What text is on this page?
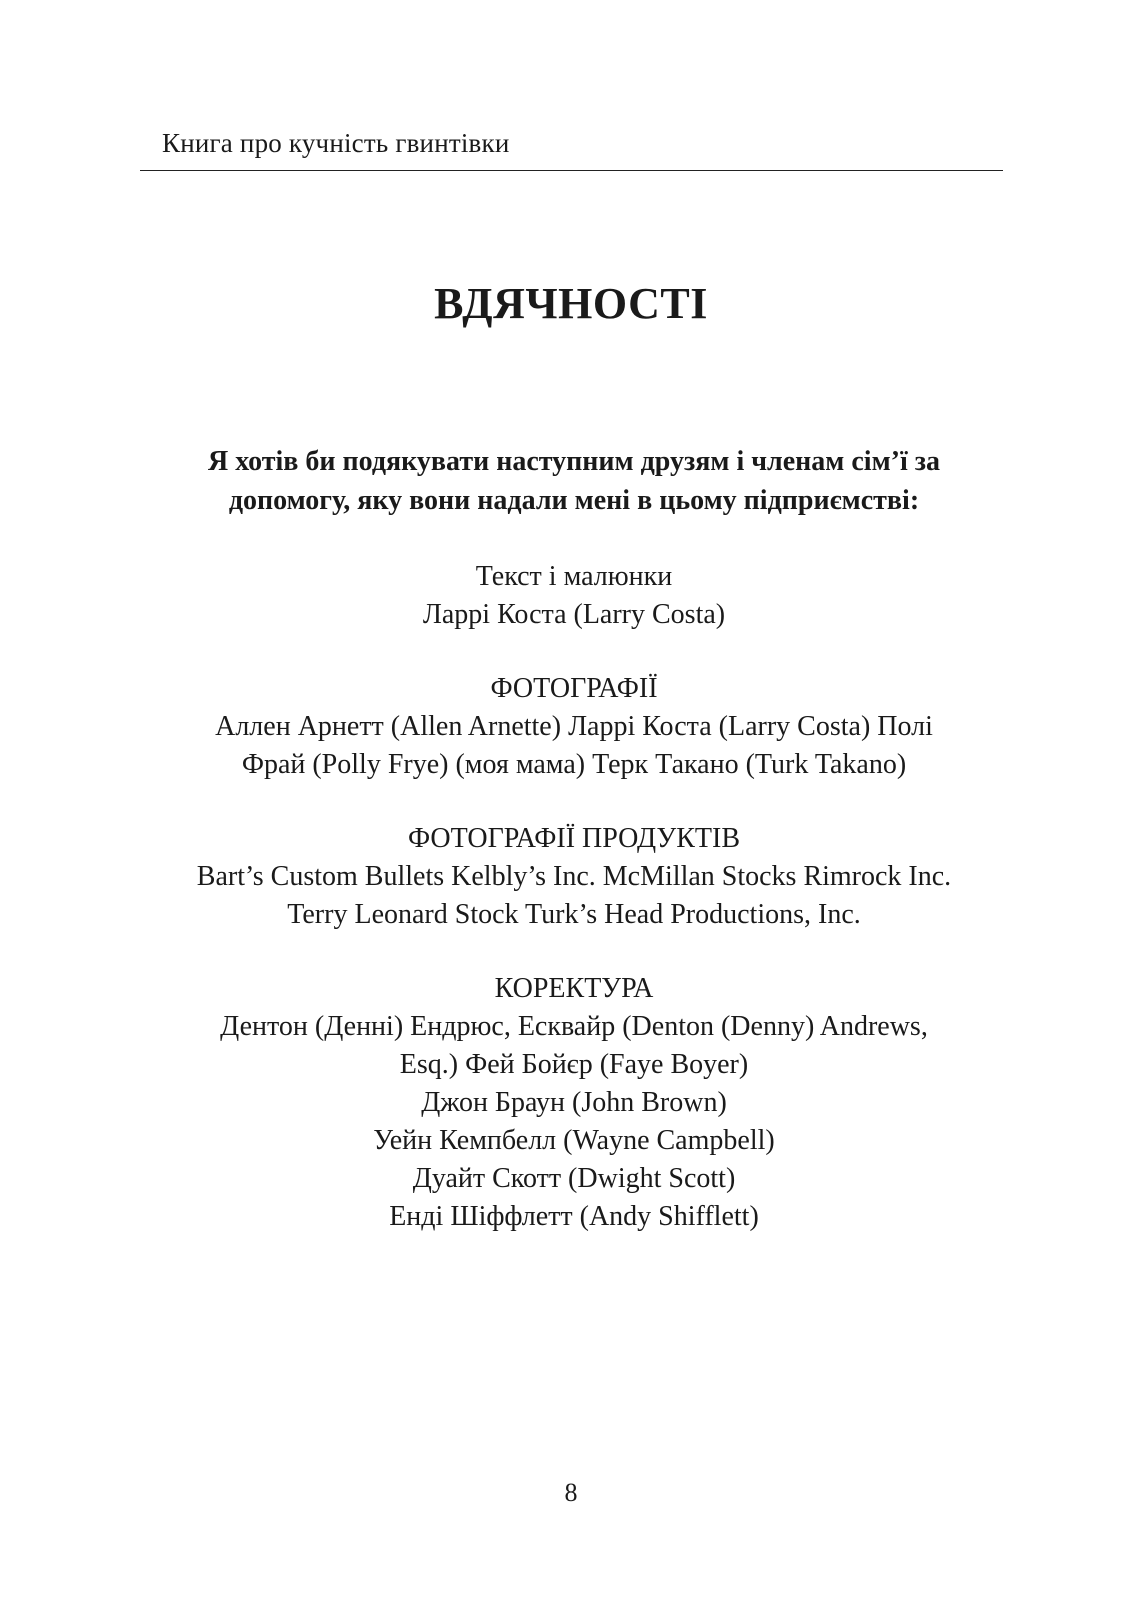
Книга про кучність гвинтівки
ВДЯЧНОСТІ

Я хотів би подякувати наступним друзям і членам сім’ї за
допомогу, яку вони надали мені в цьому підприємстві:

Текст і малюнки
Ларрі Коста (Larry Costa)
ФОТОГРАФІЇ
Аллен Арнетт (Allen Arnette) Ларрі Коста (Larry Costa) Полі
Фрай (Polly Frye) (моя мама) Терк Такано (Turk Takano)
ФОТОГРАФІЇ ПРОДУКТІВ
Bart’s Custom Bullets Kelbly’s Inc. McMillan Stocks Rimrock Inc.
Terry Leonard Stock Turk’s Head Productions, Inc.
КОРЕКТУРА
Дентон (Денні) Ендрюс, Есквайр (Denton (Denny) Andrews,
Esq.) Фей Бойєр (Faye Boyer)
Джон Браун (John Brown)
Уейн Кемпбелл (Wayne Campbell)
Дуайт Скотт (Dwight Scott)
Енді Шіффлетт (Andy Shifflett)
8
